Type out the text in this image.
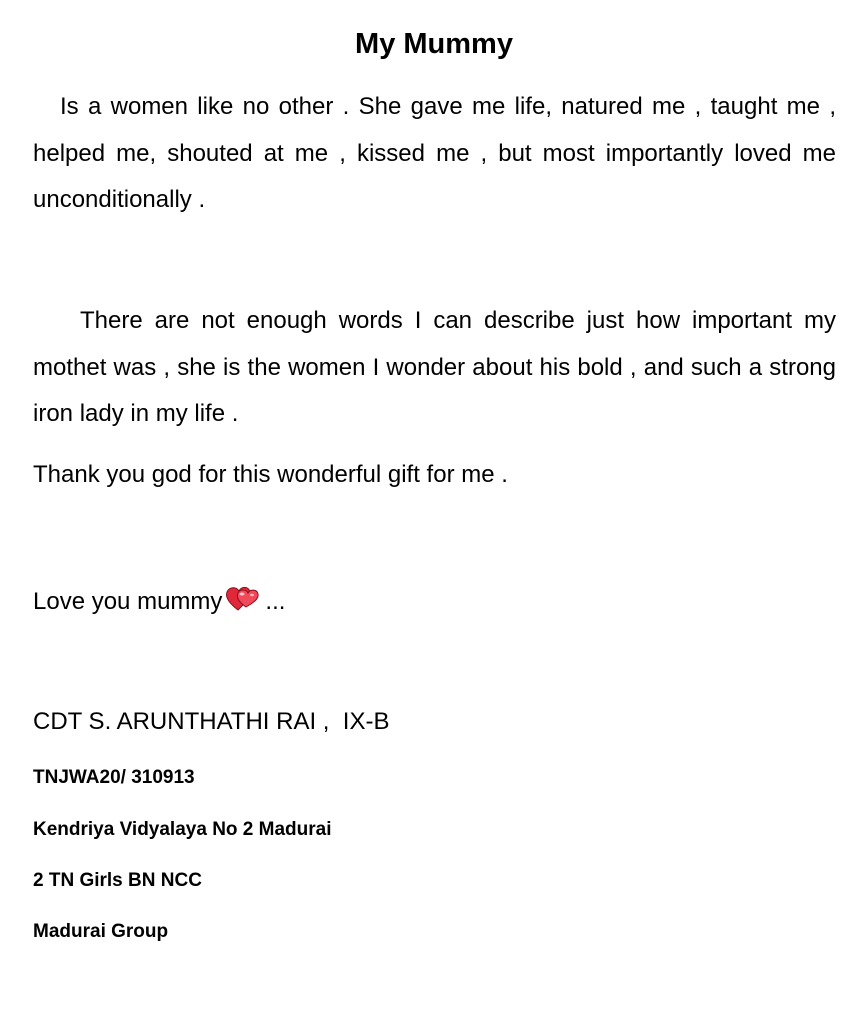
My Mummy

Is a women like no other . She gave me life, natured me , taught me , helped me, shouted at me , kissed me , but most importantly loved me unconditionally .

There are not enough words I can describe just how important my mothet was , she is the women I wonder about his bold , and such a strong iron lady in my life .

Thank you god for this wonderful gift for me .

Love you mummy ...

CDT S. ARUNTHATHI RAI ,  IX-B

TNJWA20/ 310913

Kendriya Vidyalaya No 2 Madurai

2 TN Girls BN NCC

Madurai Group
